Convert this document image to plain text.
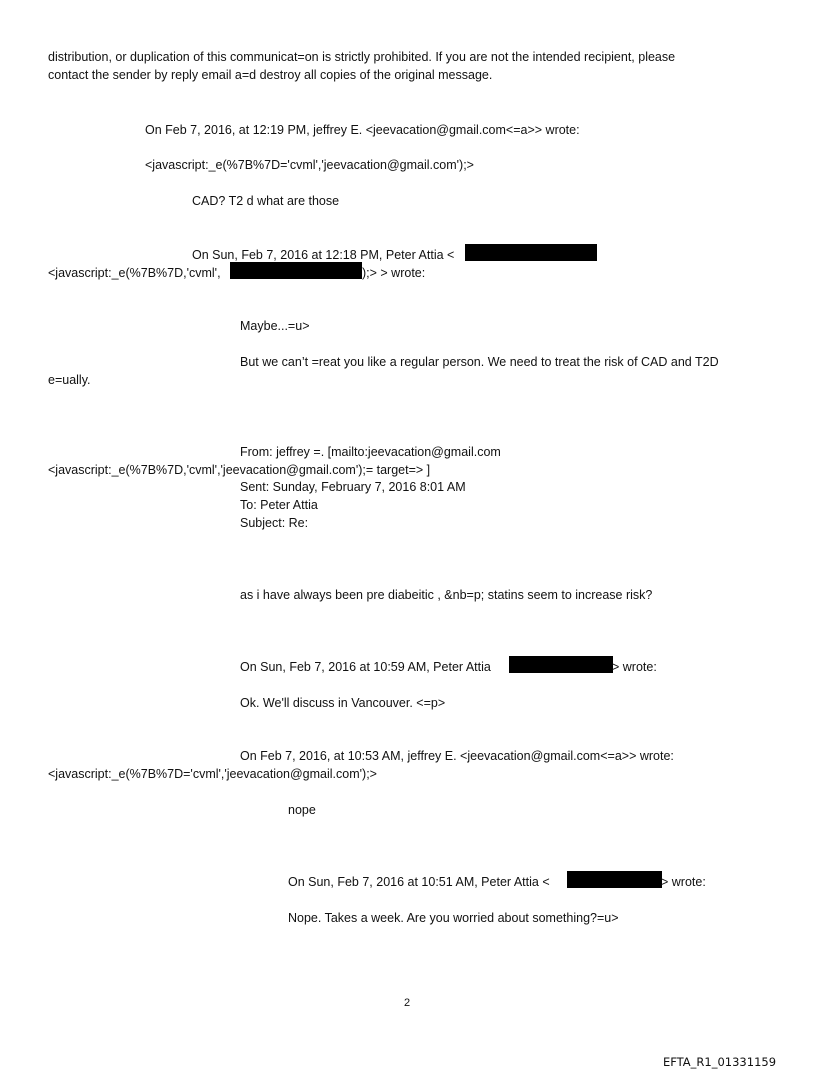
distribution, or duplication of this communicat=on is strictly prohibited. If you are not the intended recipient, please
contact the sender by reply email a=d destroy all copies of the original message.
On Feb 7, 2016, at 12:19 PM, jeffrey E. <jeevacation@gmail.com<=a>> wrote:
<javascript:_e(%7B%7D='cvml','jeevacation@gmail.com');>
CAD? T2 d what are those
On Sun, Feb 7, 2016 at 12:18 PM, Peter Attia <
<javascript:_e(%7B%7D,'cvml',	);> > wrote:
Maybe...=u>
But we can’t =reat you like a regular person. We need to treat the risk of CAD and T2D
e=ually.
From: jeffrey =. [mailto:jeevacation@gmail.com
<javascript:_e(%7B%7D,'cvml','jeevacation@gmail.com');= target=> ]
Sent: Sunday, February 7, 2016 8:01 AM
To: Peter Attia
Subject: Re:
as i have always been pre diabeitic , &nb=p; statins seem to increase risk?
On Sun, Feb 7, 2016 at 10:59 AM, Peter Attia	> wrote:
Ok. We'll discuss in Vancouver. <=p>
On Feb 7, 2016, at 10:53 AM, jeffrey E. <jeevacation@gmail.com<=a>> wrote:
<javascript:_e(%7B%7D='cvml','jeevacation@gmail.com');>
nope
On Sun, Feb 7, 2016 at 10:51 AM, Peter Attia <	> wrote:
Nope. Takes a week. Are you worried about something?=u>
2
EFTA_R1_01331159
